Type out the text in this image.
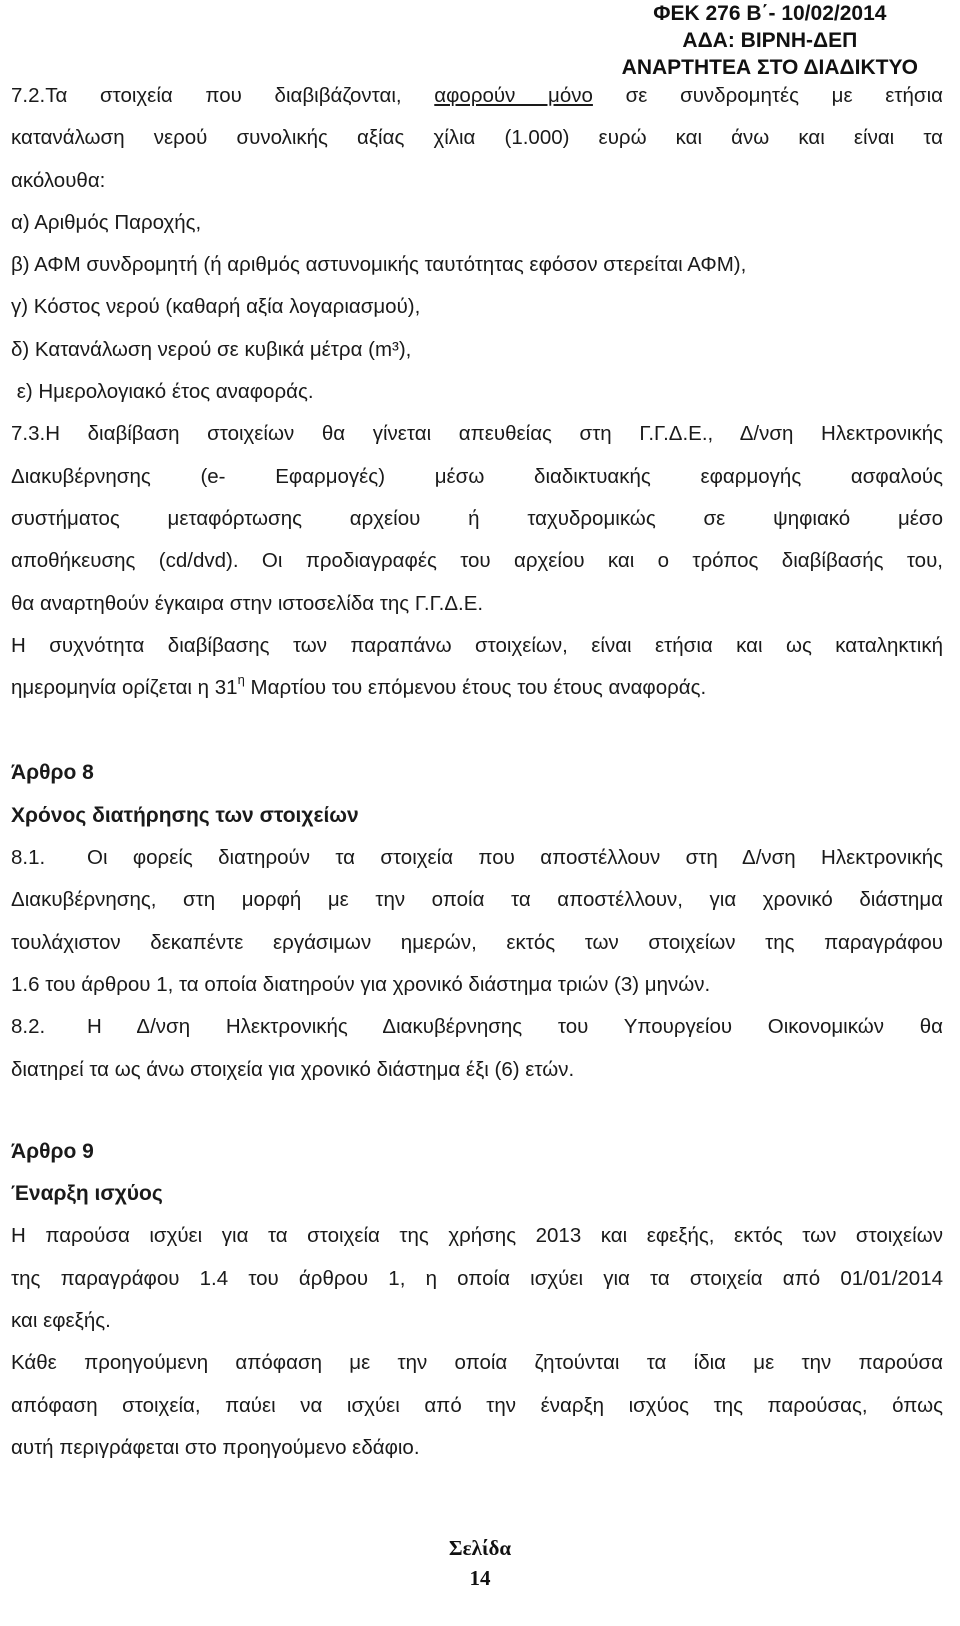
ΦΕΚ 276 Β΄- 10/02/2014
ΑΔΑ: ΒΙΡΝΗ-ΔΕΠ
ΑΝΑΡΤΗΤΕΑ ΣΤΟ ΔΙΑΔΙΚΤΥΟ
7.2.Τα στοιχεία που διαβιβάζονται, αφορούν μόνο σε συνδρομητές με ετήσια
κατανάλωση νερού συνολικής αξίας χίλια (1.000) ευρώ και άνω και είναι τα
ακόλουθα:
α) Αριθμός Παροχής,
β) ΑΦΜ συνδρομητή (ή αριθμός αστυνομικής ταυτότητας εφόσον στερείται ΑΦΜ),
γ) Κόστος νερού (καθαρή αξία λογαριασμού),
δ) Κατανάλωση νερού σε κυβικά μέτρα (m³),
ε) Ημερολογιακό έτος αναφοράς.
7.3.Η διαβίβαση στοιχείων θα γίνεται απευθείας στη Γ.Γ.Δ.Ε., Δ/νση Ηλεκτρονικής
Διακυβέρνησης (e- Εφαρμογές) μέσω διαδικτυακής εφαρμογής ασφαλούς
συστήματος μεταφόρτωσης αρχείου ή ταχυδρομικώς σε ψηφιακό μέσο
αποθήκευσης (cd/dvd). Οι προδιαγραφές του αρχείου και ο τρόπος διαβίβασής του,
θα αναρτηθούν έγκαιρα στην ιστοσελίδα της Γ.Γ.Δ.Ε.
Η συχνότητα διαβίβασης των παραπάνω στοιχείων, είναι ετήσια και ως καταληκτική
ημερομηνία ορίζεται η $31^\eta$ Μαρτίου του επόμενου έτους του έτους αναφοράς.
Άρθρο 8
Χρόνος διατήρησης των στοιχείων
8.1. Οι φορείς διατηρούν τα στοιχεία που αποστέλλουν στη Δ/νση Ηλεκτρονικής
Διακυβέρνησης, στη μορφή με την οποία τα αποστέλλουν, για χρονικό διάστημα
τουλάχιστον δεκαπέντε εργάσιμων ημερών, εκτός των στοιχείων της παραγράφου
1.6 του άρθρου 1, τα οποία διατηρούν για χρονικό διάστημα τριών (3) μηνών.
8.2. Η Δ/νση Ηλεκτρονικής Διακυβέρνησης του Υπουργείου Οικονομικών θα
διατηρεί τα ως άνω στοιχεία για χρονικό διάστημα έξι (6) ετών.
Άρθρο 9
Έναρξη ισχύος
Η παρούσα ισχύει για τα στοιχεία της χρήσης 2013 και εφεξής, εκτός των στοιχείων
της παραγράφου 1.4 του άρθρου 1, η οποία ισχύει για τα στοιχεία από 01/01/2014
και εφεξής.
Κάθε προηγούμενη απόφαση με την οποία ζητούνται τα ίδια με την παρούσα
απόφαση στοιχεία, παύει να ισχύει από την έναρξη ισχύος της παρούσας, όπως
αυτή περιγράφεται στο προηγούμενο εδάφιο.
Σελίδα
14
